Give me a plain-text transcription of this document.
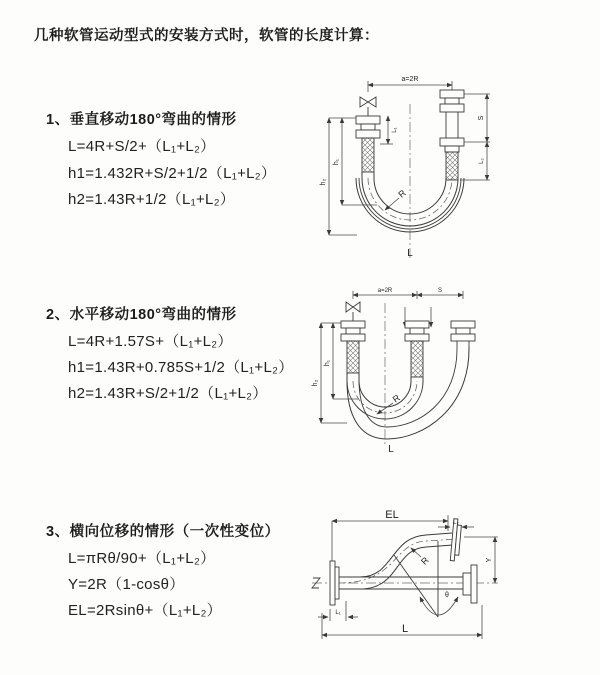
几种软管运动型式的安装方式时，软管的长度计算：
1、垂直移动180°弯曲的情形
L=4R+S/2+（L₁+L₂）
h1=1.432R+S/2+1/2（L₁+L₂）
h2=1.43R+1/2（L₁+L₂）
a=2R
h₁
h₂
L₁
S
L₂
R
L
2、水平移动180°弯曲的情形
L=4R+1.57S+（L₁+L₂）
h1=1.43R+0.785S+1/2（L₁+L₂）
h2=1.43R+S/2+1/2（L₁+L₂）
a=2R	S
h₁
h₂
R
L
3、横向位移的情形（一次性变位）
L=πRθ/90+（L₁+L₂）
Y=2R（1-cosθ）
EL=2Rsinθ+（L₁+L₂）
θ
R
EL
L₂
Y
L₁
L
